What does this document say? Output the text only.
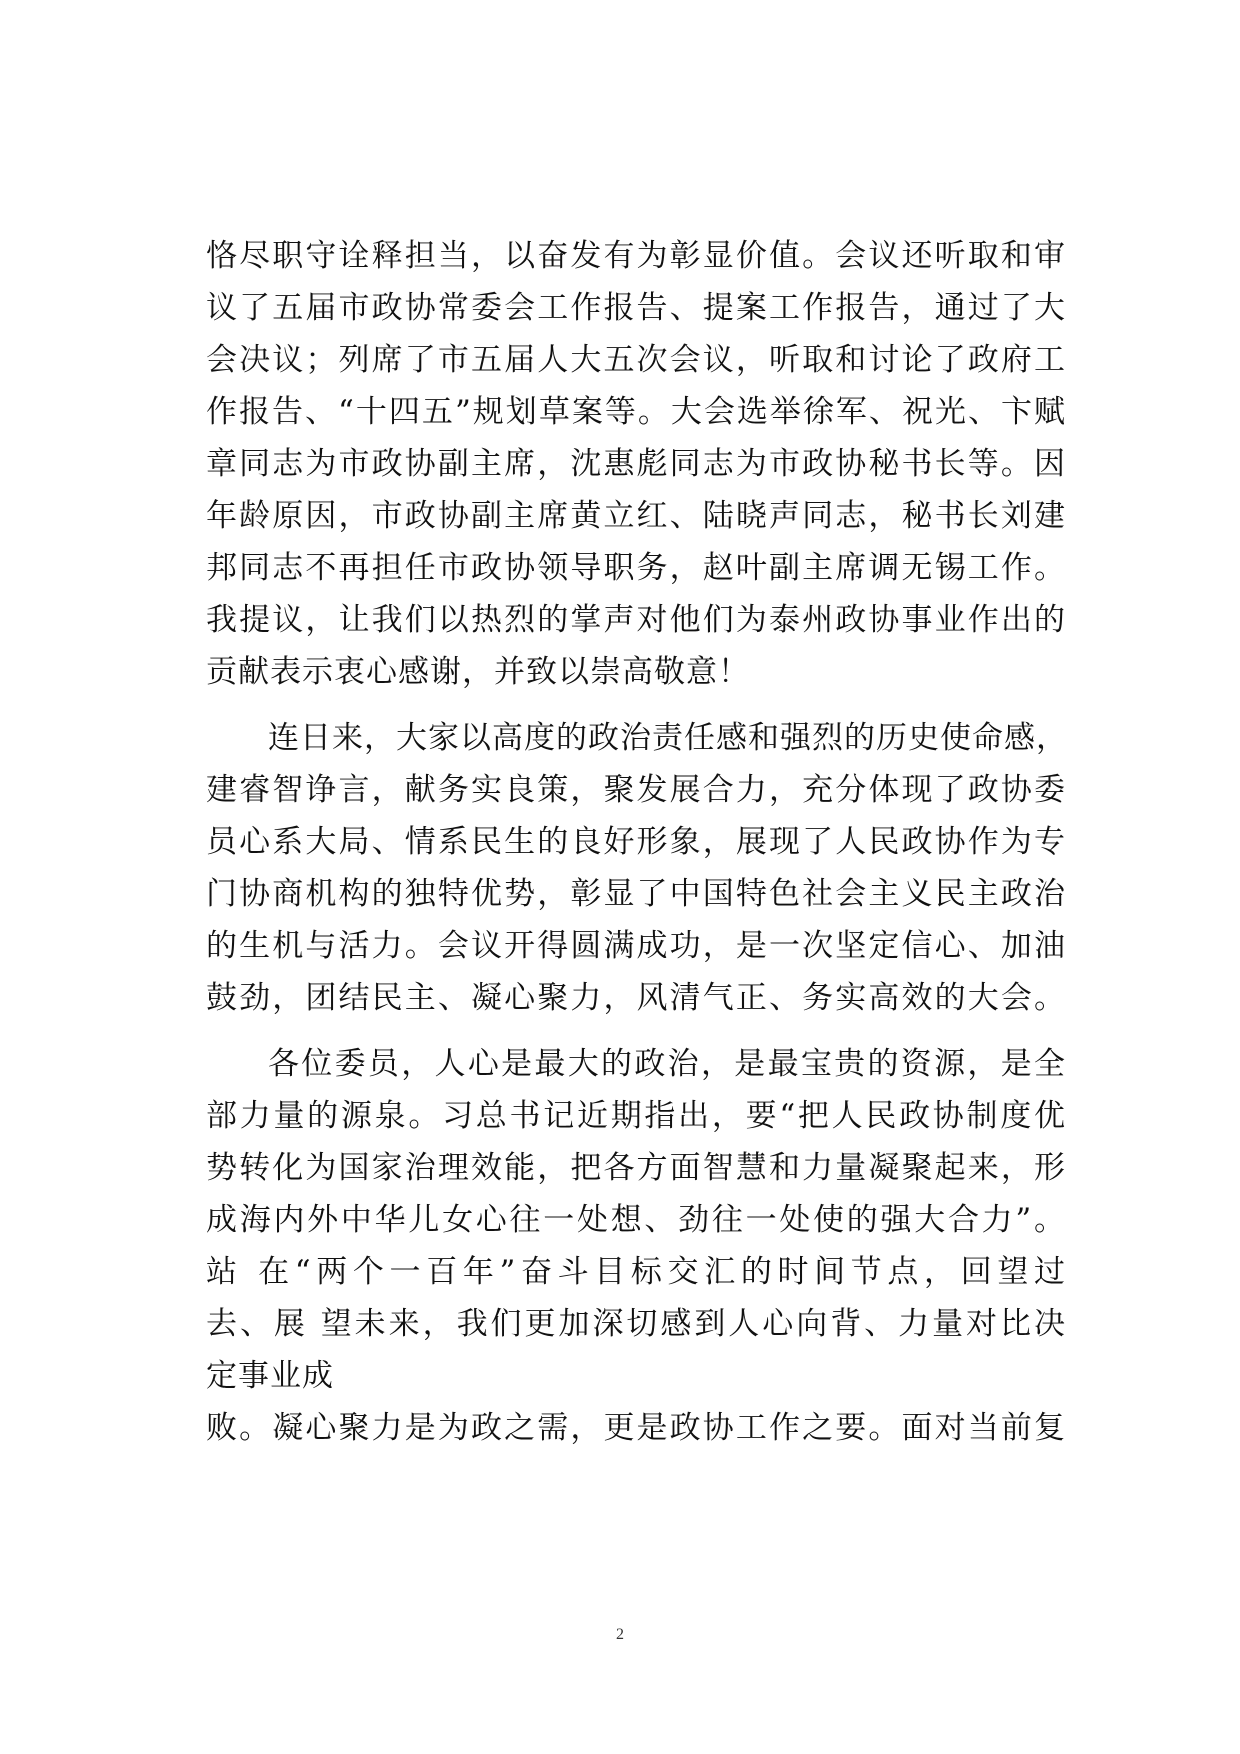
恪尽职守诠释担当，以奋发有为彰显价值。会议还听取和审
议了五届市政协常委会工作报告、提案工作报告，通过了大
会决议；列席了市五届人大五次会议，听取和讨论了政府工
作报告、“十四五”规划草案等。大会选举徐军、祝光、卞赋
章同志为市政协副主席，沈惠彪同志为市政协秘书长等。因
年龄原因，市政协副主席黄立红、陆晓声同志，秘书长刘建
邦同志不再担任市政协领导职务，赵叶副主席调无锡工作。
我提议，让我们以热烈的掌声对他们为泰州政协事业作出的
贡献表示衷心感谢，并致以崇高敬意！
连日来，大家以高度的政治责任感和强烈的历史使命感，
建睿智诤言，献务实良策，聚发展合力，充分体现了政协委
员心系大局、情系民生的良好形象，展现了人民政协作为专
门协商机构的独特优势，彰显了中国特色社会主义民主政治
的生机与活力。会议开得圆满成功，是一次坚定信心、加油
鼓劲，团结民主、凝心聚力，风清气正、务实高效的大会。
各位委员，人心是最大的政治，是最宝贵的资源，是全
部力量的源泉。习总书记近期指出，要“把人民政协制度优
势转化为国家治理效能，把各方面智慧和力量凝聚起来，形
成海内外中华儿女心往一处想、劲往一处使的强大合力”。
站 在“两个一百年”奋斗目标交汇的时间节点，回望过
去、展 望未来，我们更加深切感到人心向背、力量对比决
定事业成
败。凝心聚力是为政之需，更是政协工作之要。面对当前复
2
